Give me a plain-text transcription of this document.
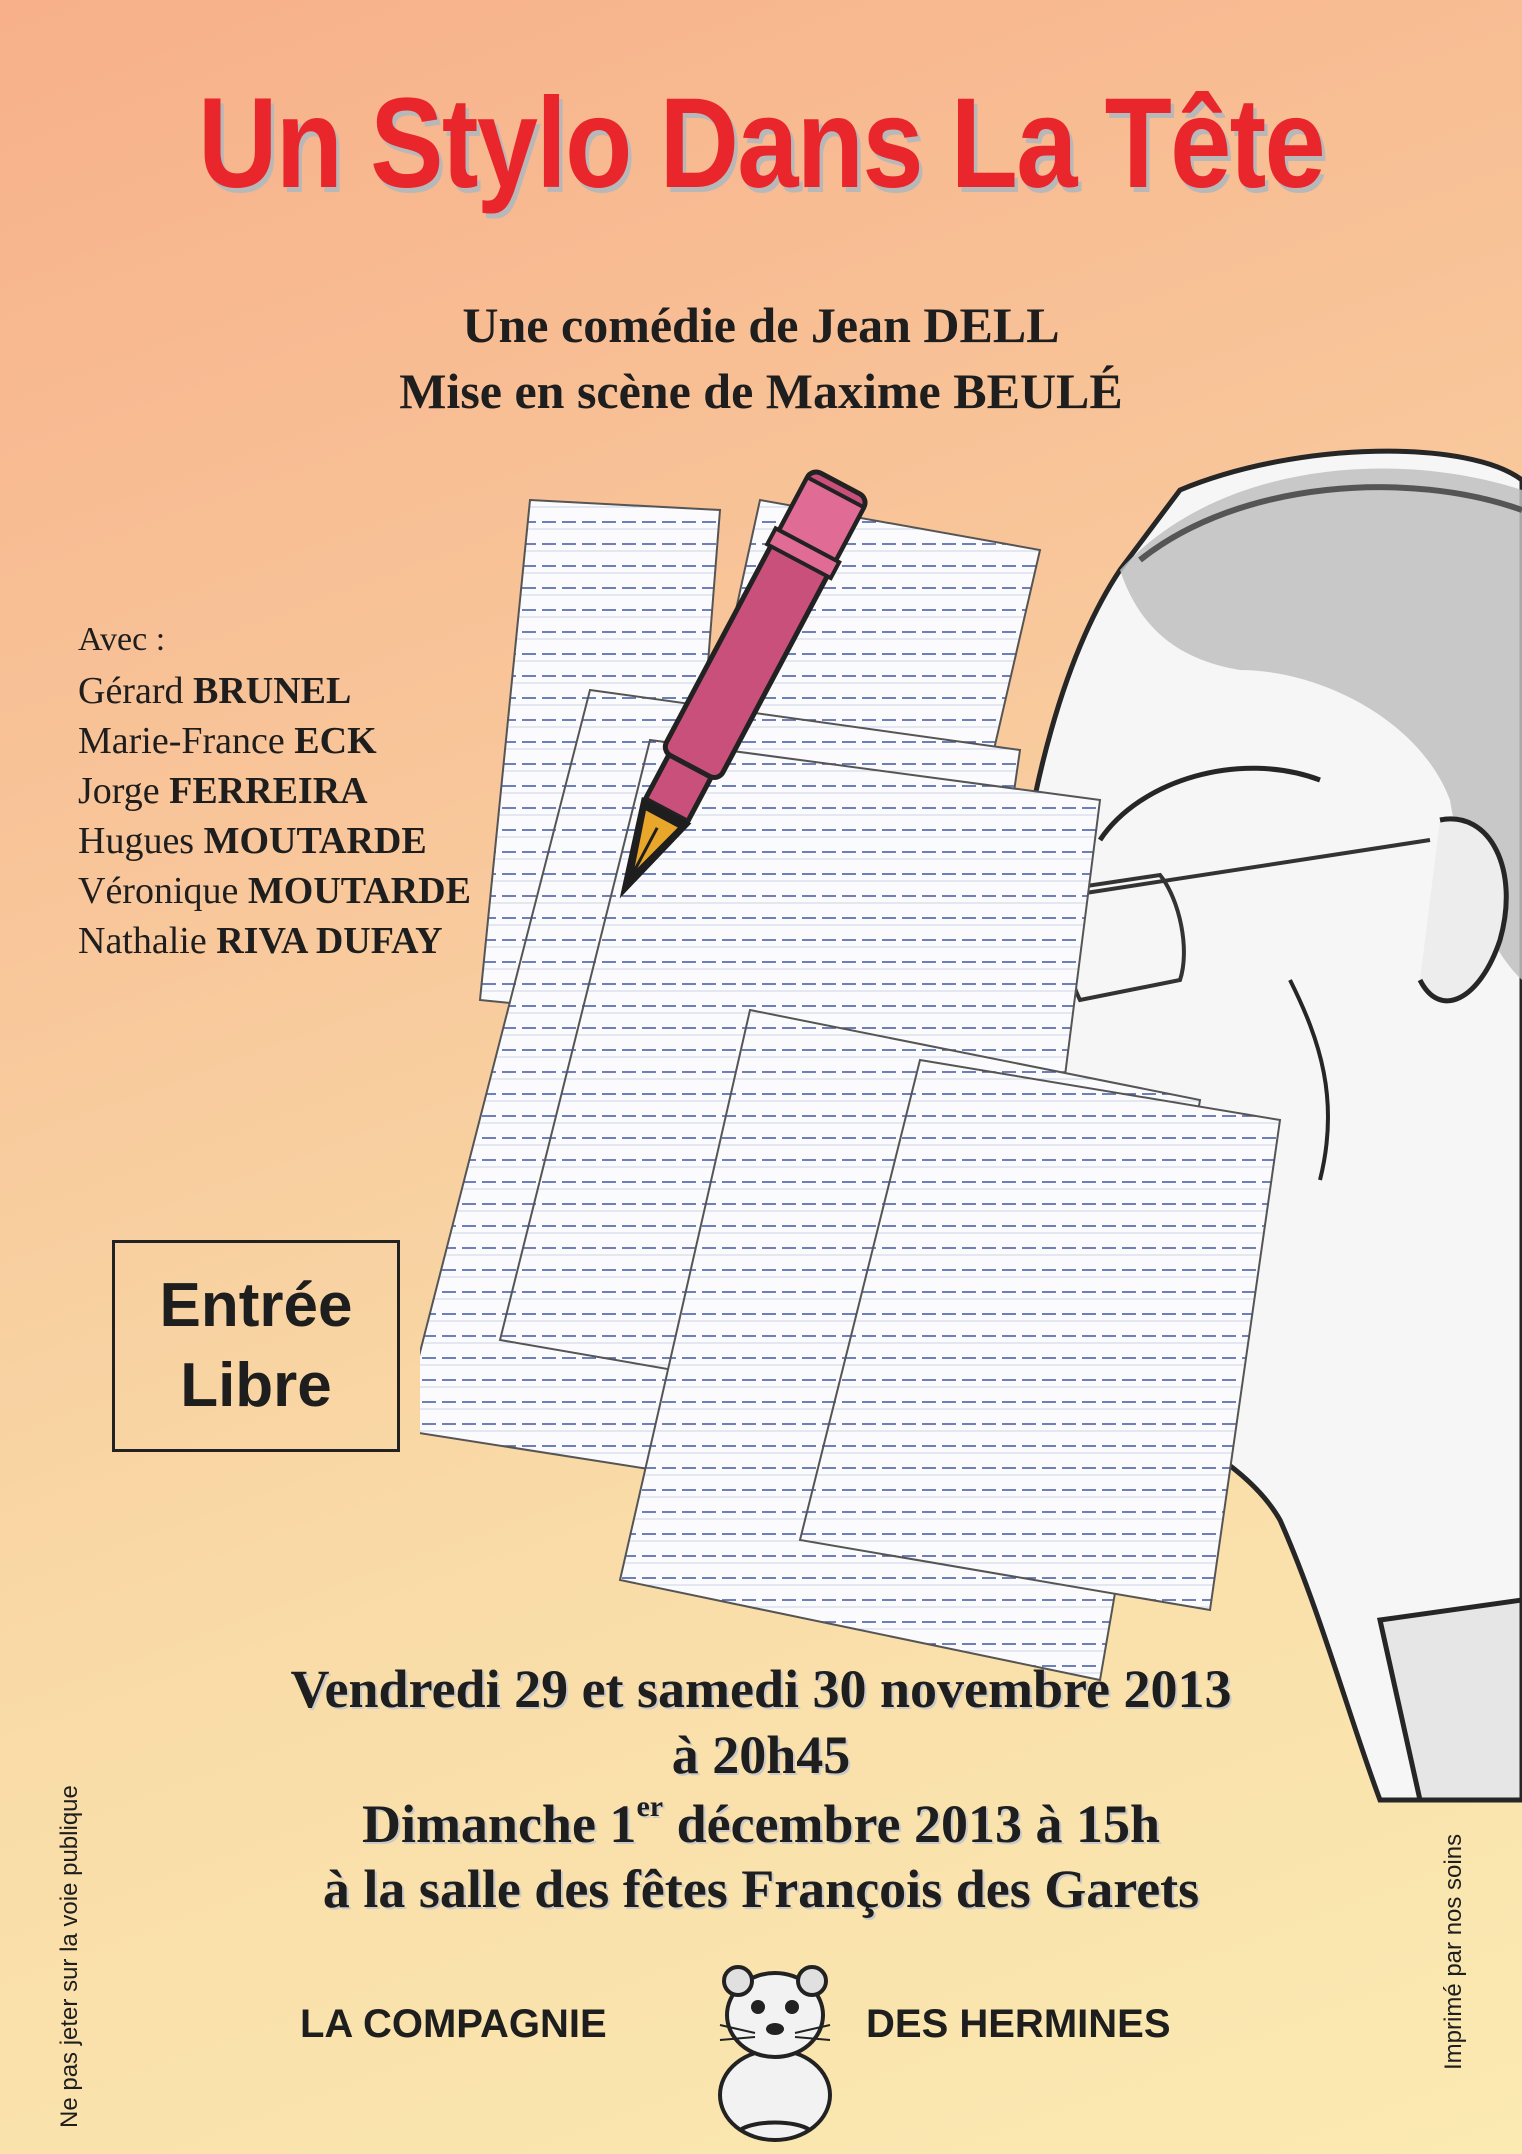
Un Stylo Dans La Tête
Une comédie de Jean DELL
Mise en scène de Maxime BEULÉ
Avec :
Gérard BRUNEL
Marie-France ECK
Jorge FERREIRA
Hugues MOUTARDE
Véronique MOUTARDE
Nathalie RIVA DUFAY
Entrée
Libre
Vendredi 29 et samedi 30 novembre 2013
à 20h45
Dimanche 1er décembre 2013 à 15h
à la salle des fêtes François des Garets
LA COMPAGNIE	DES HERMINES
Ne pas jeter sur la voie publique	Imprimé par nos soins
